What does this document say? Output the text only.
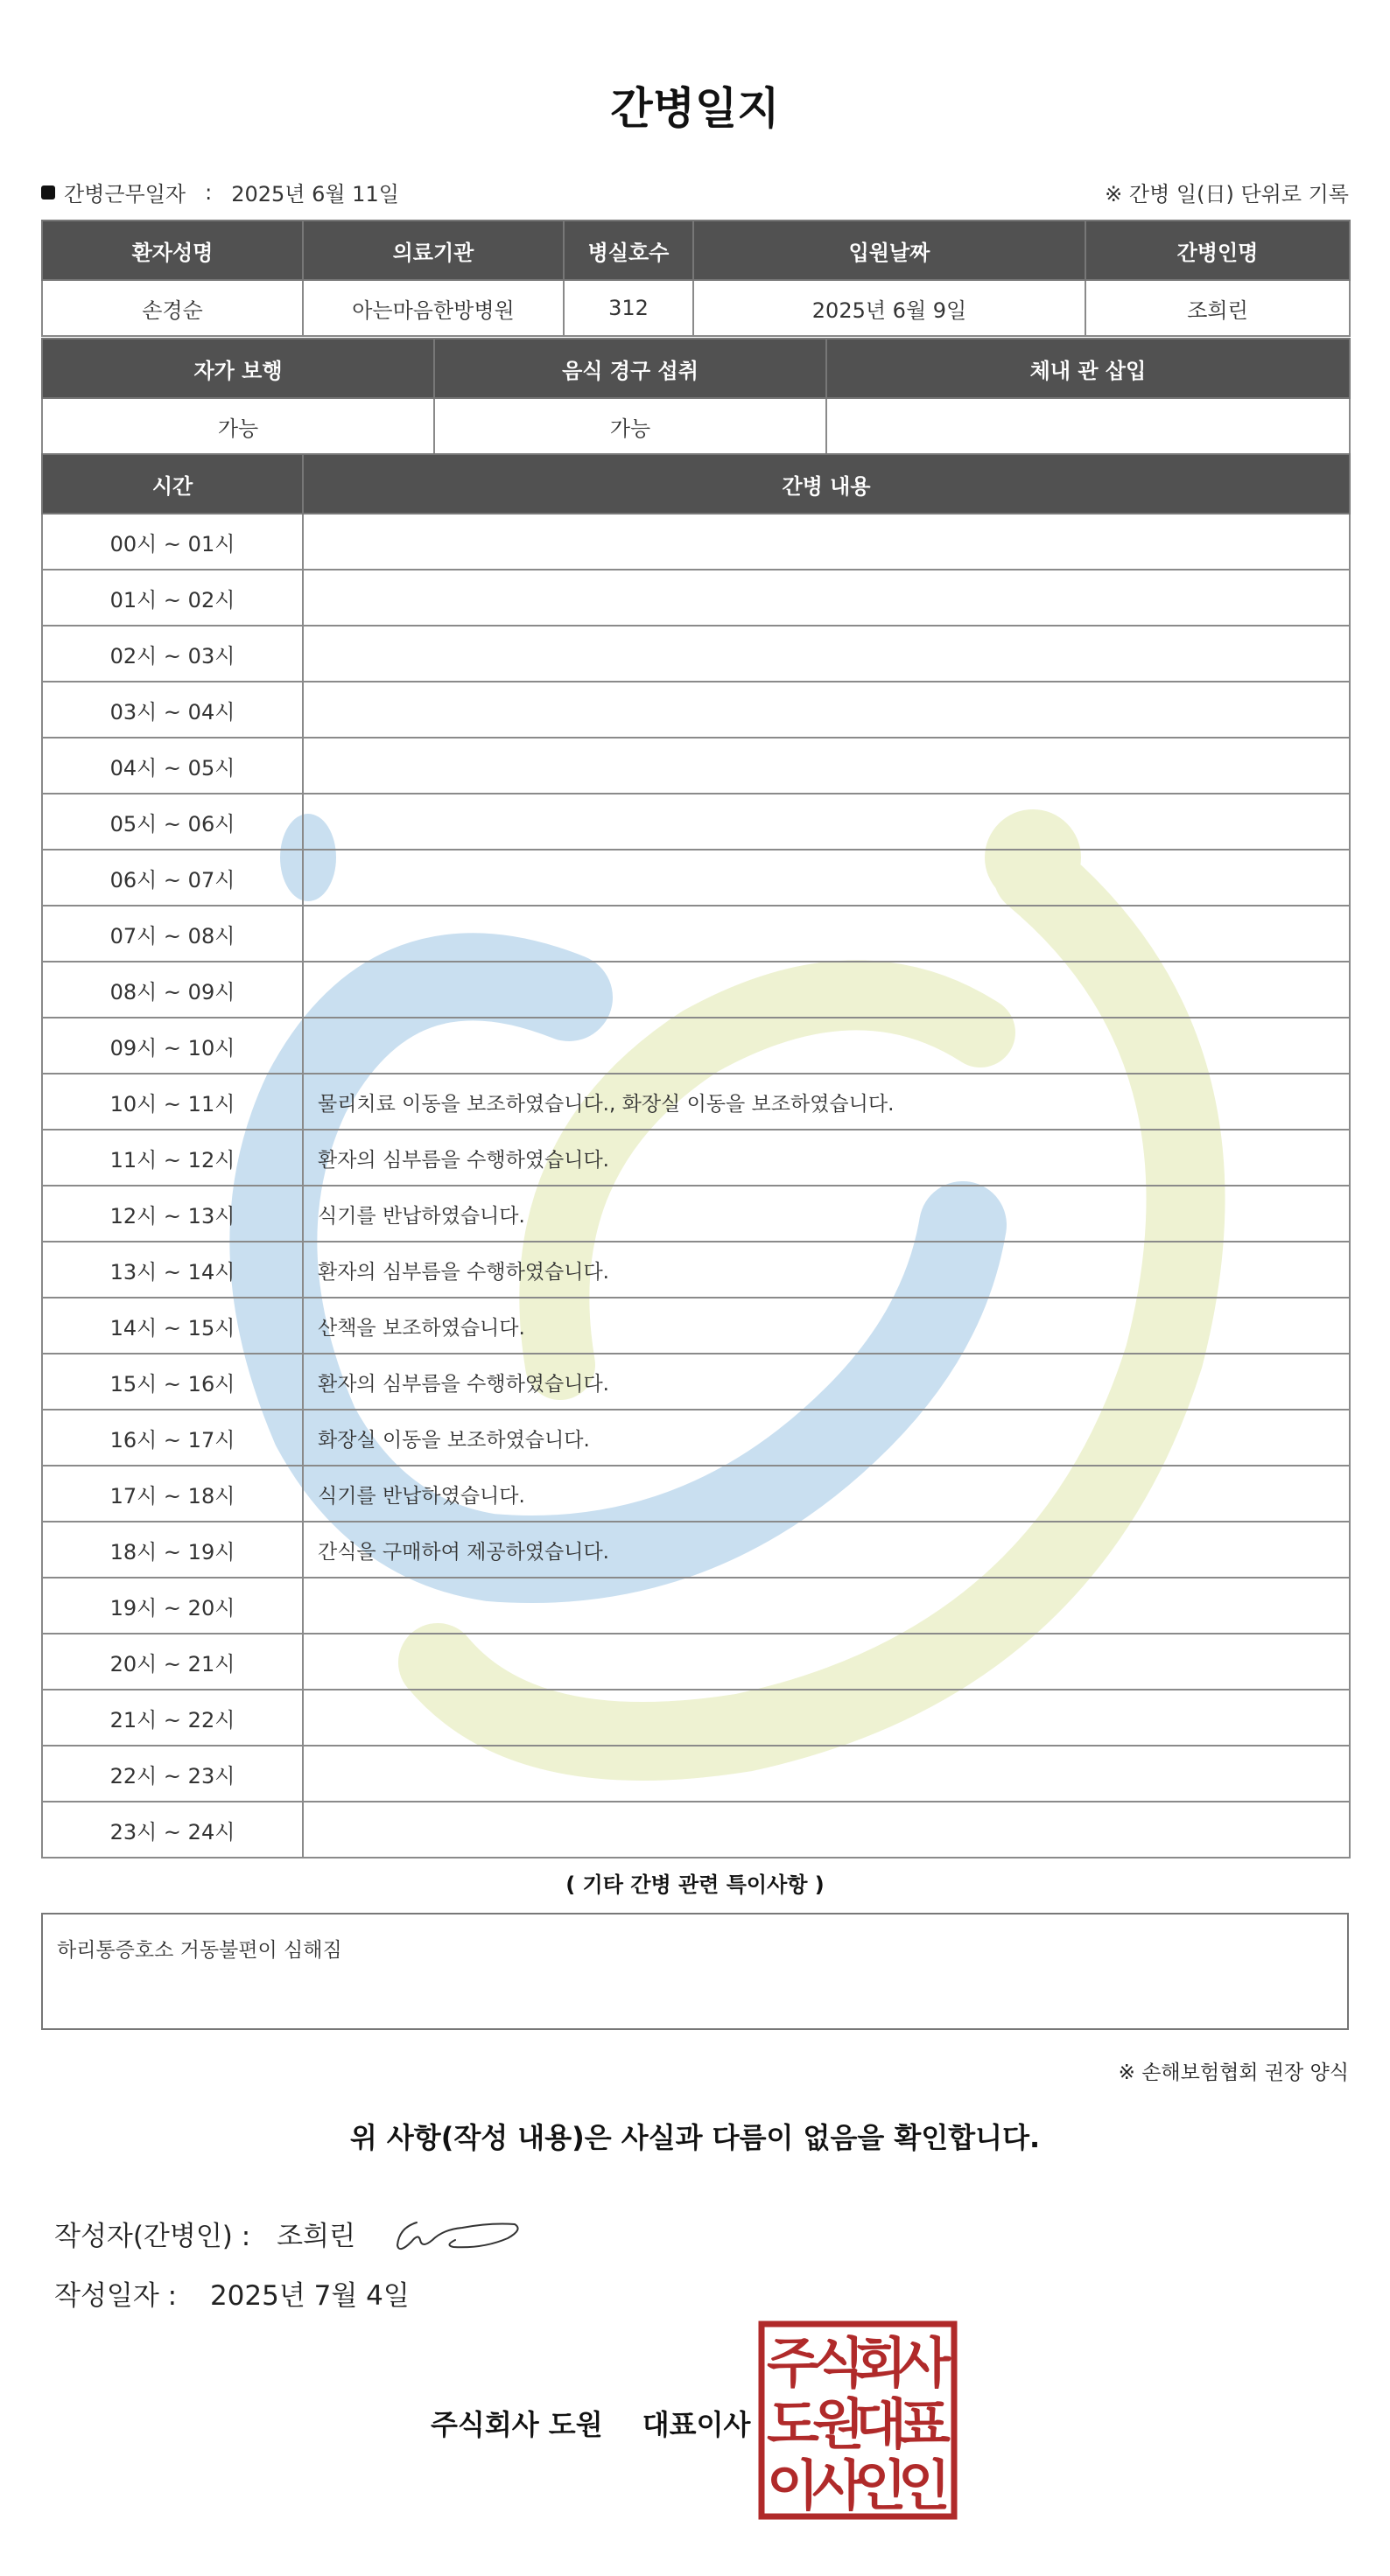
간병일지
간병근무일자 : 2025년 6월 11일	※ 간병 일(日) 단위로 기록
환자성명	의료기관	병실호수	입원날짜	간병인명
손경순	아는마음한방병원	312	2025년 6월 9일	조희린
자가 보행	음식 경구 섭취	체내 관 삽입
가능	가능	
시간	간병 내용
00시 ~ 01시	
01시 ~ 02시	
02시 ~ 03시	
03시 ~ 04시	
04시 ~ 05시	
05시 ~ 06시	
06시 ~ 07시	
07시 ~ 08시	
08시 ~ 09시	
09시 ~ 10시	
10시 ~ 11시	물리치료 이동을 보조하였습니다., 화장실 이동을 보조하였습니다.
11시 ~ 12시	환자의 심부름을 수행하였습니다.
12시 ~ 13시	식기를 반납하였습니다.
13시 ~ 14시	환자의 심부름을 수행하였습니다.
14시 ~ 15시	산책을 보조하였습니다.
15시 ~ 16시	환자의 심부름을 수행하였습니다.
16시 ~ 17시	화장실 이동을 보조하였습니다.
17시 ~ 18시	식기를 반납하였습니다.
18시 ~ 19시	간식을 구매하여 제공하였습니다.
19시 ~ 20시	
20시 ~ 21시	
21시 ~ 22시	
22시 ~ 23시	
23시 ~ 24시	
( 기타 간병 관련 특이사항 )
하리통증호소 거동불편이 심해짐
※ 손해보험협회 권장 양식
위 사항(작성 내용)은 사실과 다름이 없음을 확인합니다.
작성자(간병인) : 조희린
작성일자 : 2025년 7월 4일
주식회사 도원 대표이사
주
식
회
사
도
원
대
표
이
사
인
인
